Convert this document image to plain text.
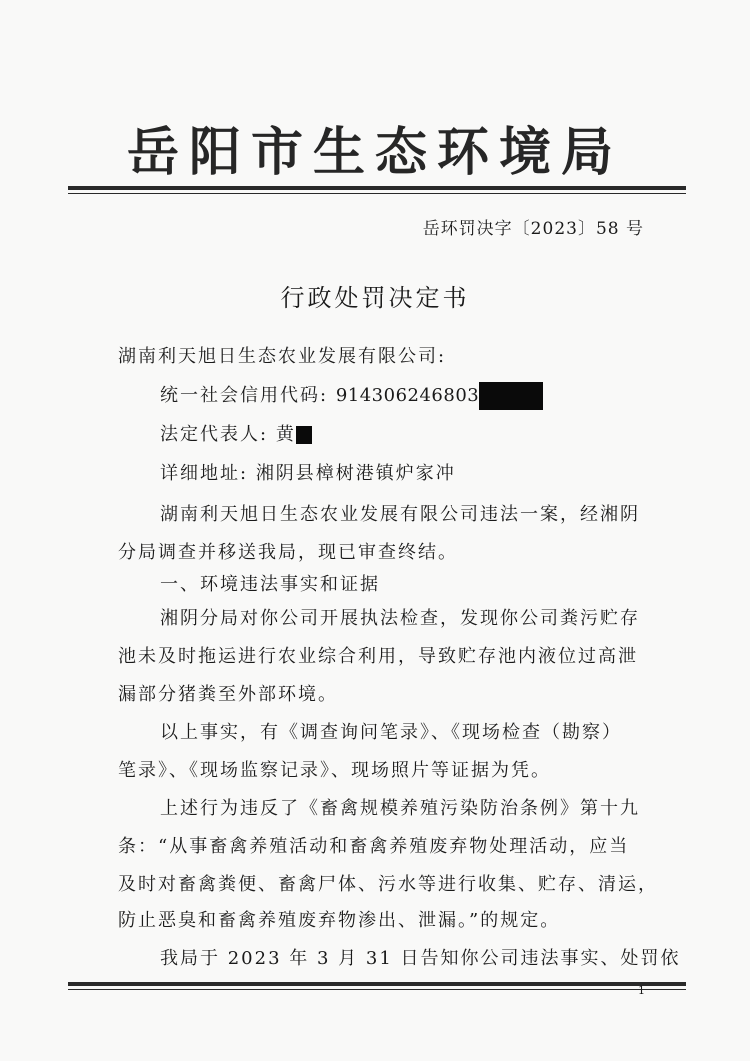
岳阳市生态环境局
岳环罚决字〔2023〕58 号
行政处罚决定书
湖南利天旭日生态农业发展有限公司:
统一社会信用代码: 914306246803
法定代表人: 黄
详细地址: 湘阴县樟树港镇炉家冲
湖南利天旭日生态农业发展有限公司违法一案，经湘阴
分局调查并移送我局，现已审查终结。
一、环境违法事实和证据
湘阴分局对你公司开展执法检查，发现你公司粪污贮存
池未及时拖运进行农业综合利用，导致贮存池内液位过高泄
漏部分猪粪至外部环境。
以上事实，有《调查询问笔录》、《现场检查（勘察）
笔录》、《现场监察记录》、现场照片等证据为凭。
上述行为违反了《畜禽规模养殖污染防治条例》第十九
条：“从事畜禽养殖活动和畜禽养殖废弃物处理活动，应当
及时对畜禽粪便、畜禽尸体、污水等进行收集、贮存、清运，
防止恶臭和畜禽养殖废弃物渗出、泄漏。”的规定。
我局于 2023 年 3 月 31 日告知你公司违法事实、处罚依
1
